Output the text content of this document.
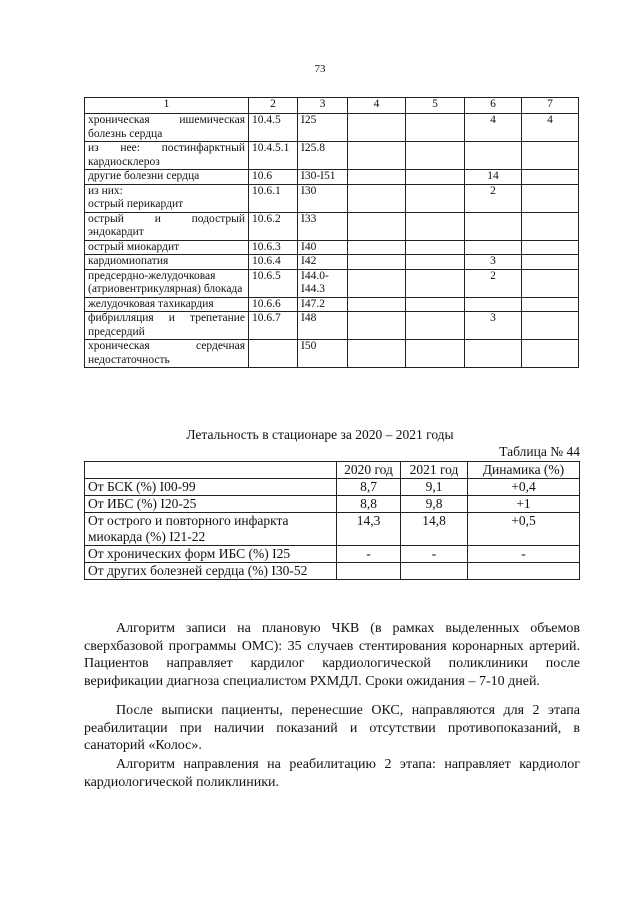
73
1	2	3	4	5	6	7
хроническая ишемическая болезнь сердца	10.4.5	I25			4	4
из нее: постинфарктный кардиосклероз	10.4.5.1	I25.8				
другие болезни сердца	10.6	I30-I51			14	
из них:
острый перикардит	10.6.1	I30			2	
острый и подострый эндокардит	10.6.2	I33				
острый миокардит	10.6.3	I40				
кардиомиопатия	10.6.4	I42			3	
предсердно-желудочковая (атриовентрикулярная) блокада	10.6.5	I44.0-I44.3			2	
желудочковая тахикардия	10.6.6	I47.2				
фибрилляция и трепетание предсердий	10.6.7	I48			3	
хроническая сердечная недостаточность		I50				
Летальность в стационаре за 2020 – 2021 годы
Таблица № 44
	2020 год	2021 год	Динамика (%)
От БСК (%) I00-99	8,7	9,1	+0,4
От ИБС (%) I20-25	8,8	9,8	+1
От острого и повторного инфаркта миокарда (%) I21-22	14,3	14,8	+0,5
От хронических форм ИБС (%) I25	-	-	-
От других болезней сердца (%) I30-52			

Алгоритм записи на плановую ЧКВ (в рамках выделенных объемов сверхбазовой программы ОМС): 35 случаев стентирования коронарных артерий. Пациентов направляет кардилог кардиологической поликлиники после верификации диагноза специалистом РХМДЛ. Сроки ожидания – 7-10 дней.

После выписки пациенты, перенесшие ОКС, направляются для 2 этапа реабилитации при наличии показаний и отсутствии противопоказаний, в санаторий «Колос».

Алгоритм направления на реабилитацию 2 этапа: направляет кардиолог кардиологической поликлиники.
